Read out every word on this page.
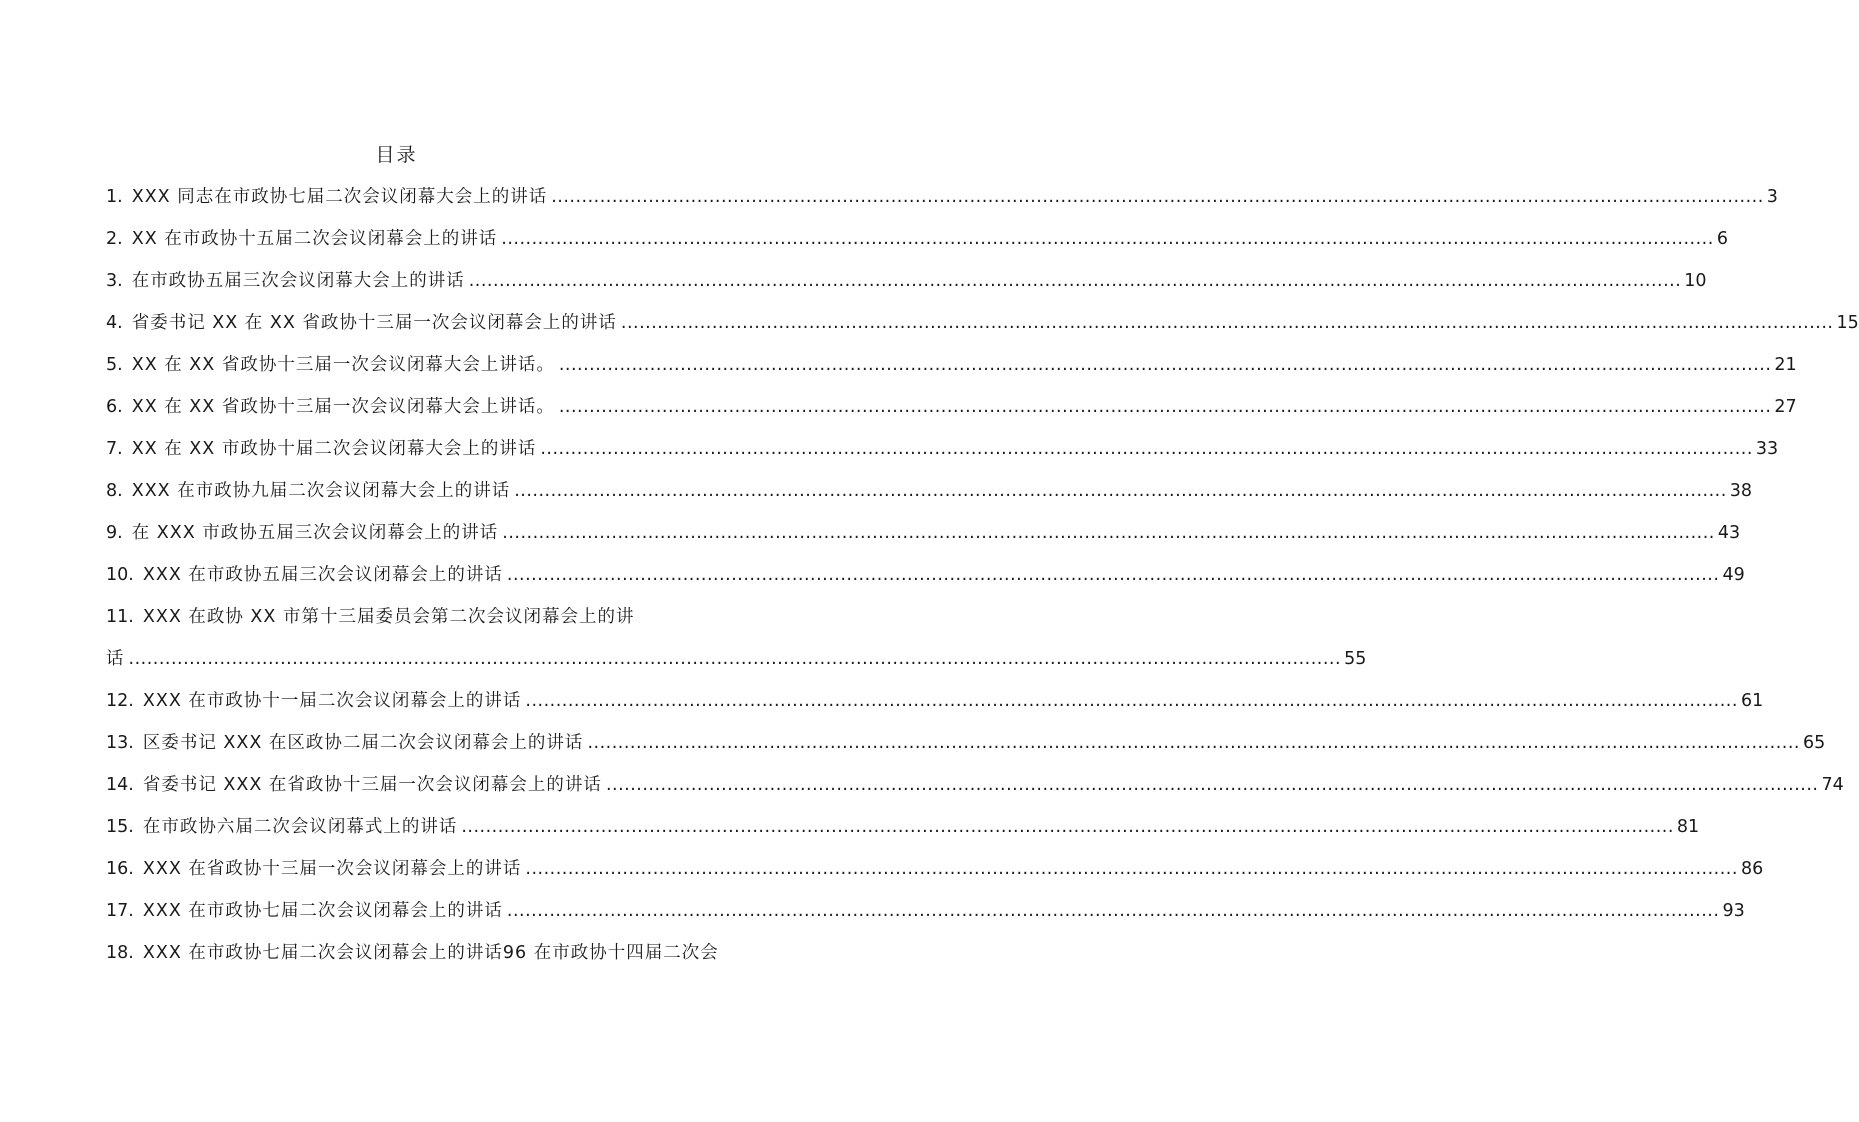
目录
1. XXX 同志在市政协七届二次会议闭幕大会上的讲话 ........................................................................................................................................................................................................ 3
2. XX 在市政协十五届二次会议闭幕会上的讲话 ........................................................................................................................................................................................................ 6
3. 在市政协五届三次会议闭幕大会上的讲话 ........................................................................................................................................................................................................ 10
4. 省委书记 XX 在 XX 省政协十三届一次会议闭幕会上的讲话 ........................................................................................................................................................................................................ 15
5. XX 在 XX 省政协十三届一次会议闭幕大会上讲话。 ........................................................................................................................................................................................................ 21
6. XX 在 XX 省政协十三届一次会议闭幕大会上讲话。 ........................................................................................................................................................................................................ 27
7. XX 在 XX 市政协十届二次会议闭幕大会上的讲话 ........................................................................................................................................................................................................ 33
8. XXX 在市政协九届二次会议闭幕大会上的讲话 ........................................................................................................................................................................................................ 38
9. 在 XXX 市政协五届三次会议闭幕会上的讲话 ........................................................................................................................................................................................................ 43
10. XXX 在市政协五届三次会议闭幕会上的讲话 ........................................................................................................................................................................................................ 49
11. XXX 在政协 XX 市第十三届委员会第二次会议闭幕会上的讲
话 ........................................................................................................................................................................................................ 55
12. XXX 在市政协十一届二次会议闭幕会上的讲话 ........................................................................................................................................................................................................ 61
13. 区委书记 XXX 在区政协二届二次会议闭幕会上的讲话 ........................................................................................................................................................................................................ 65
14. 省委书记 XXX 在省政协十三届一次会议闭幕会上的讲话 ........................................................................................................................................................................................................ 74
15. 在市政协六届二次会议闭幕式上的讲话 ........................................................................................................................................................................................................ 81
16. XXX 在省政协十三届一次会议闭幕会上的讲话 ........................................................................................................................................................................................................ 86
17. XXX 在市政协七届二次会议闭幕会上的讲话 ........................................................................................................................................................................................................ 93
18. XXX 在市政协七届二次会议闭幕会上的讲话96 在市政协十四届二次会
